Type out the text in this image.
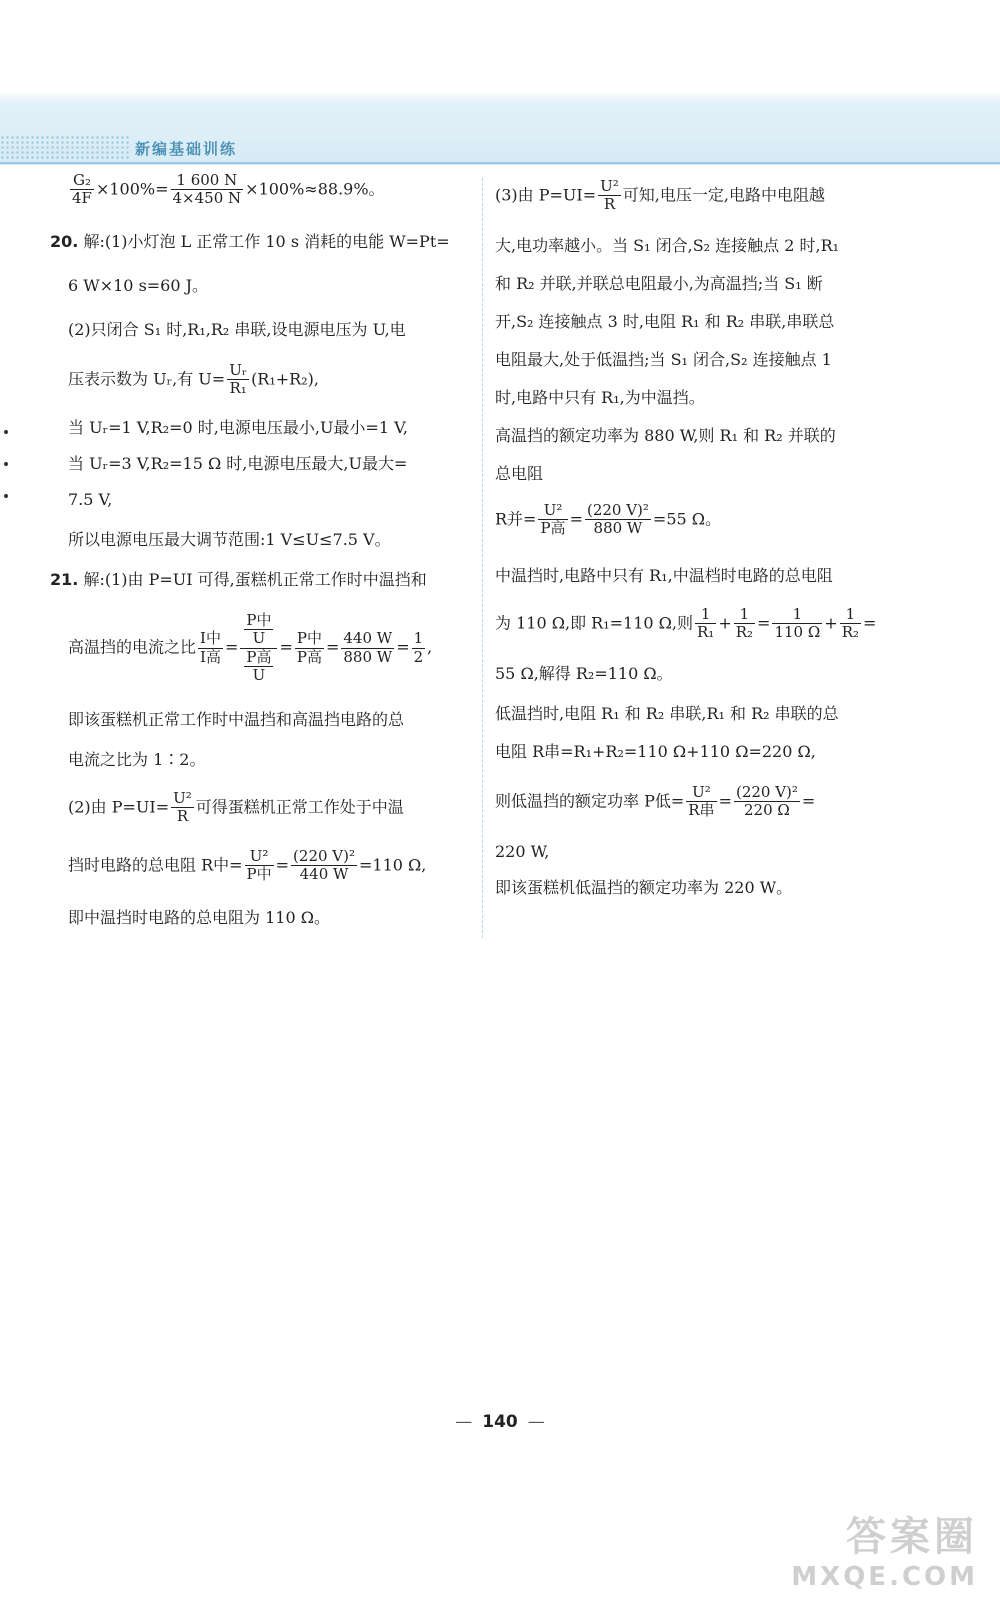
新编基础训练
$\frac{\text{G₂}}{4F} \times 100\%= \frac{1 600 N}{4\times 450 N} \times 100\%\approx 88.9\%$。
20. 解:(1)小灯泡 L 正常工作 10 s 消耗的电能 W=Pt=
6 W×10 s=60 J。
(2)只闭合 S₁ 时,R₁,R₂ 串联,设电源电压为 U,电
压表示数为 Uᵣ,有 $U= \frac{\text{Uᵣ}}{\text{R₁}} (R_1+R_2)$,
当 Uᵣ=1 V,R₂=0 时,电源电压最小,U最小=1 V,
当 Uᵣ=3 V,R₂=15 Ω 时,电源电压最大,U最大=
7.5 V,
所以电源电压最大调节范围:1 V≤U≤7.5 V。
21. 解:(1)由 P=UI 可得,蛋糕机正常工作时中温挡和
高温挡的电流之比 $\frac{\text{I中}}{\text{I高}} = \frac{\frac{\text{P中}}{U}}{\frac{\text{P高}}{U}} = \frac{\text{P中}}{\text{P高}} = \frac{440 W}{880 W} = \frac{1}{2}$ ,
即该蛋糕机正常工作时中温挡和高温挡电路的总
电流之比为 1∶2。
(2)由 $P=UI= \frac{\text{U²}}{R}$ 可得蛋糕机正常工作处于中温
挡时电路的总电阻 R中= $\frac{\text{U²}}{\text{P中}} = \frac{\text{(220 V)²}}{440 W} =110$ Ω,
即中温挡时电路的总电阻为 110 Ω。
(3)由 $P=UI= \frac{\text{U²}}{R}$ 可知,电压一定,电路中电阻越
大,电功率越小。当 S₁ 闭合,S₂ 连接触点 2 时,R₁
和 R₂ 并联,并联总电阻最小,为高温挡;当 S₁ 断
开,S₂ 连接触点 3 时,电阻 R₁ 和 R₂ 串联,串联总
电阻最大,处于低温挡;当 S₁ 闭合,S₂ 连接触点 1
时,电路中只有 R₁,为中温挡。
高温挡的额定功率为 880 W,则 R₁ 和 R₂ 并联的
总电阻
R并= $\frac{\text{U²}}{\text{P高}} = \frac{\text{(220 V)²}}{880 W} =55$ Ω。
中温挡时,电路中只有 R₁,中温档时电路的总电阻
为 110 Ω,即 R₁=110 Ω,则 $\frac{1}{\text{R₁}} + \frac{1}{\text{R₂}} = \frac{1}{110 \Omega} + \frac{1}{\text{R₂}}$ =
55 Ω,解得 R₂=110 Ω。
低温挡时,电阻 R₁ 和 R₂ 串联,R₁ 和 R₂ 串联的总
电阻 R串=R₁+R₂=110 Ω+110 Ω=220 Ω,
则低温挡的额定功率 P低= $\frac{\text{U²}}{\text{R串}} = \frac{\text{(220 V)²}}{220 \Omega}$ =
220 W,
即该蛋糕机低温挡的额定功率为 220 W。
— 140 —
答案圈
MXQE.COM
